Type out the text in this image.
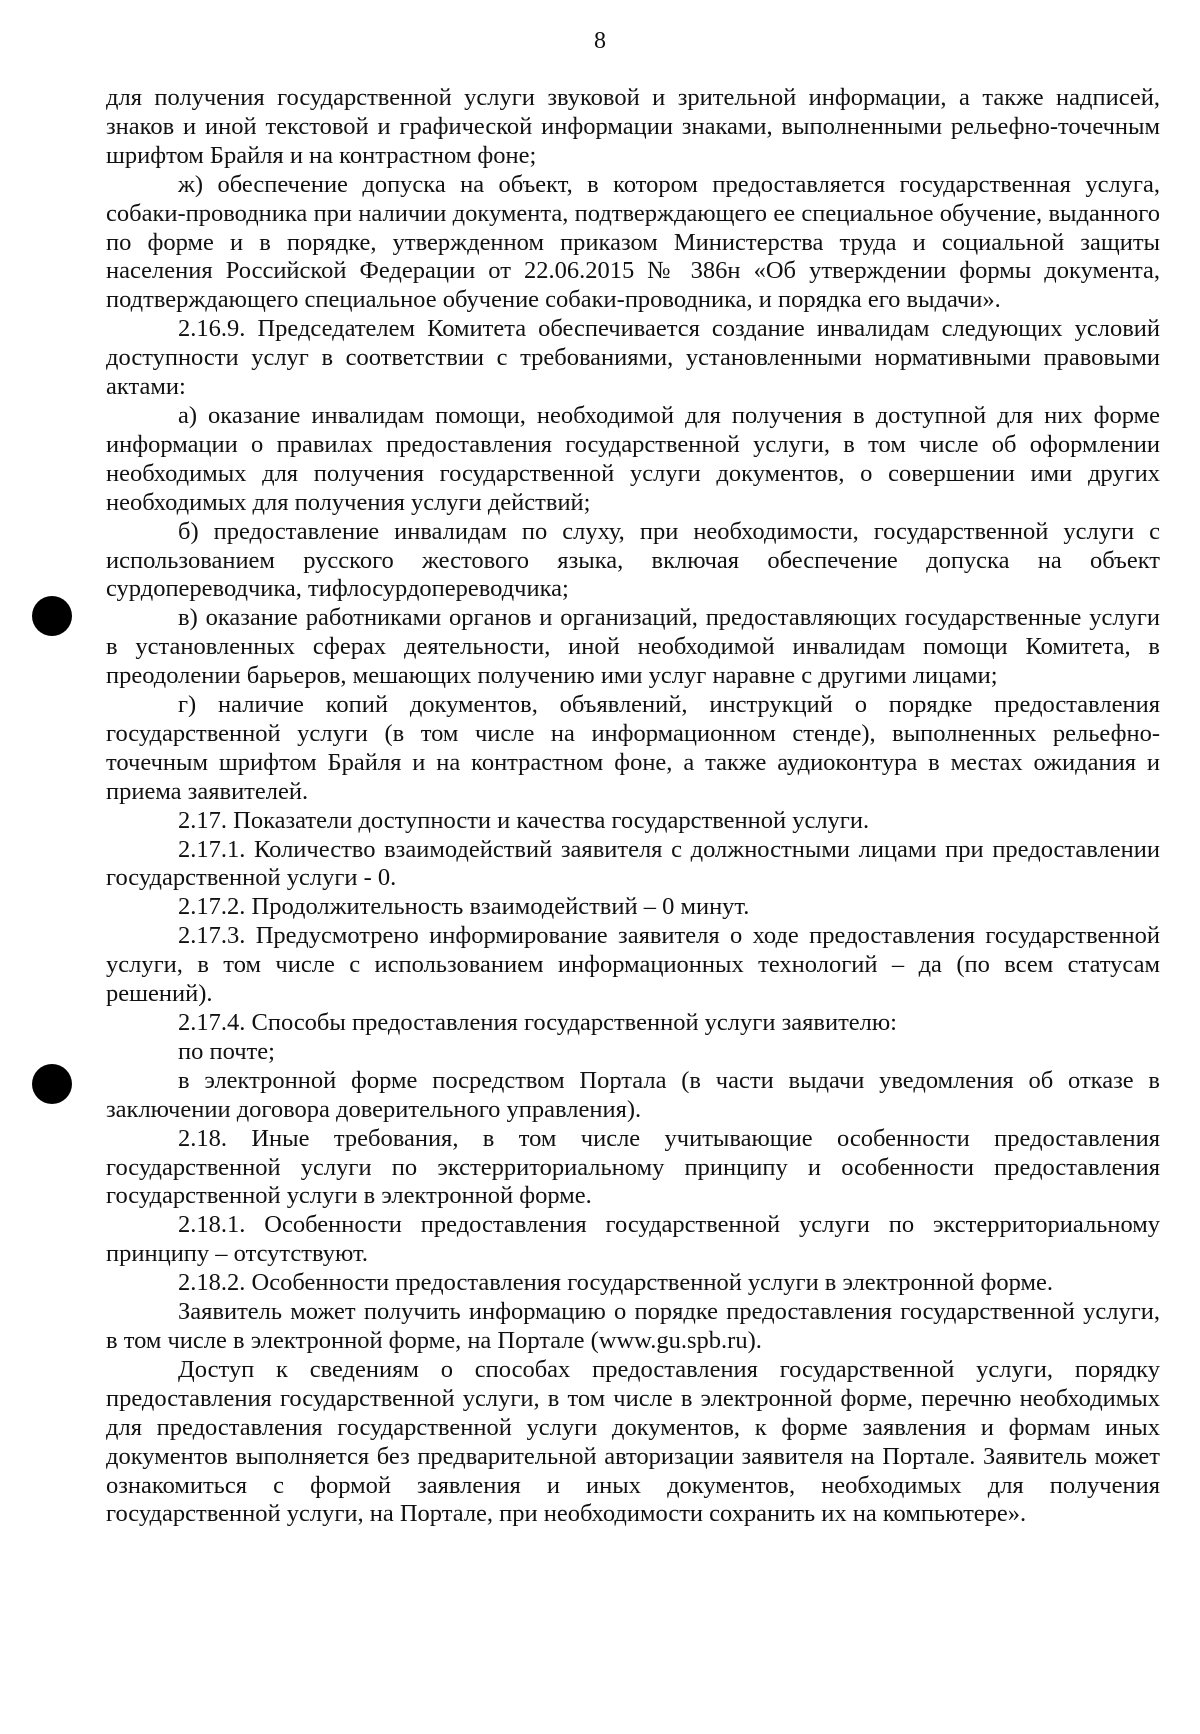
8

для получения государственной услуги звуковой и зрительной информации, а также надписей, знаков и иной текстовой и графической информации знаками, выполненными рельефно-точечным шрифтом Брайля и на контрастном фоне;

ж) обеспечение допуска на объект, в котором предоставляется государственная услуга, собаки-проводника при наличии документа, подтверждающего ее специальное обучение, выданного по форме и в порядке, утвержденном приказом Министерства труда и социальной защиты населения Российской Федерации от 22.06.2015 № 386н «Об утверждении формы документа, подтверждающего специальное обучение собаки-проводника, и порядка его выдачи».

2.16.9. Председателем Комитета обеспечивается создание инвалидам следующих условий доступности услуг в соответствии с требованиями, установленными нормативными правовыми актами:

а) оказание инвалидам помощи, необходимой для получения в доступной для них форме информации о правилах предоставления государственной услуги, в том числе об оформлении необходимых для получения государственной услуги документов, о совершении ими других необходимых для получения услуги действий;

б) предоставление инвалидам по слуху, при необходимости, государственной услуги с использованием русского жестового языка, включая обеспечение допуска на объект сурдопереводчика, тифлосурдопереводчика;

в) оказание работниками органов и организаций, предоставляющих государственные услуги в установленных сферах деятельности, иной необходимой инвалидам помощи Комитета, в преодолении барьеров, мешающих получению ими услуг наравне с другими лицами;

г) наличие копий документов, объявлений, инструкций о порядке предоставления государственной услуги (в том числе на информационном стенде), выполненных рельефно-точечным шрифтом Брайля и на контрастном фоне, а также аудиоконтура в местах ожидания и приема заявителей.

2.17. Показатели доступности и качества государственной услуги.

2.17.1. Количество взаимодействий заявителя с должностными лицами при предоставлении государственной услуги - 0.

2.17.2. Продолжительность взаимодействий – 0 минут.

2.17.3. Предусмотрено информирование заявителя о ходе предоставления государственной услуги, в том числе с использованием информационных технологий – да (по всем статусам решений).

2.17.4. Способы предоставления государственной услуги заявителю:

по почте;

в электронной форме посредством Портала (в части выдачи уведомления об отказе в заключении договора доверительного управления).

2.18. Иные требования, в том числе учитывающие особенности предоставления государственной услуги по экстерриториальному принципу и особенности предоставления государственной услуги в электронной форме.

2.18.1. Особенности предоставления государственной услуги по экстерриториальному принципу – отсутствуют.

2.18.2. Особенности предоставления государственной услуги в электронной форме.

Заявитель может получить информацию о порядке предоставления государственной услуги, в том числе в электронной форме, на Портале (www.gu.spb.ru).

Доступ к сведениям о способах предоставления государственной услуги, порядку предоставления государственной услуги, в том числе в электронной форме, перечню необходимых для предоставления государственной услуги документов, к форме заявления и формам иных документов выполняется без предварительной авторизации заявителя на Портале. Заявитель может ознакомиться с формой заявления и иных документов, необходимых для получения государственной услуги, на Портале, при необходимости сохранить их на компьютере».
